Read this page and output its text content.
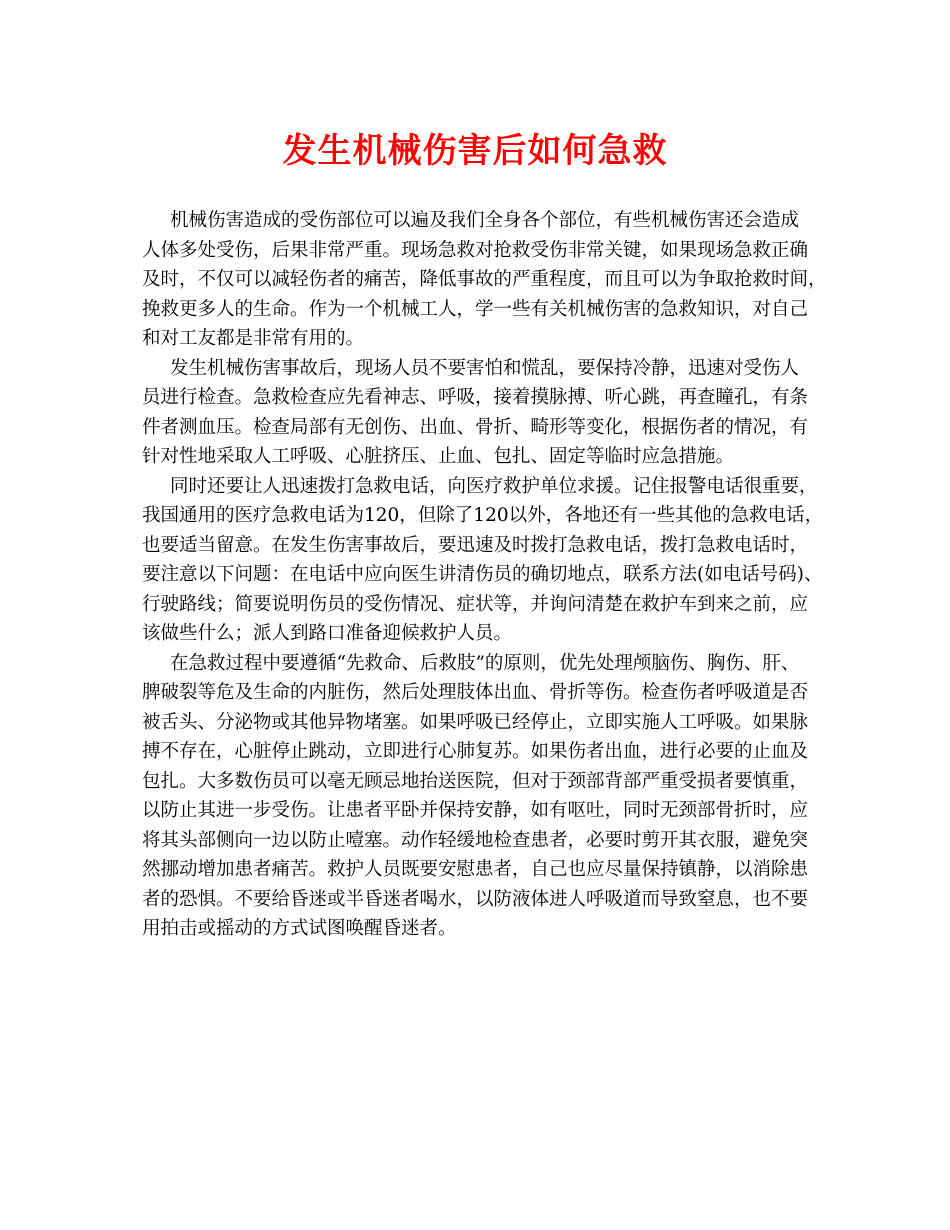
发生机械伤害后如何急救
机械伤害造成的受伤部位可以遍及我们全身各个部位，有些机械伤害还会造成
人体多处受伤，后果非常严重。现场急救对抢救受伤非常关键，如果现场急救正确
及时，不仅可以减轻伤者的痛苦，降低事故的严重程度，而且可以为争取抢救时间，
挽救更多人的生命。作为一个机械工人，学一些有关机械伤害的急救知识，对自己
和对工友都是非常有用的。
发生机械伤害事故后，现场人员不要害怕和慌乱，要保持冷静，迅速对受伤人
员进行检查。急救检查应先看神志、呼吸，接着摸脉搏、听心跳，再查瞳孔，有条
件者测血压。检查局部有无创伤、出血、骨折、畸形等变化，根据伤者的情况，有
针对性地采取人工呼吸、心脏挤压、止血、包扎、固定等临时应急措施。
同时还要让人迅速拨打急救电话，向医疗救护单位求援。记住报警电话很重要，
我国通用的医疗急救电话为120，但除了120以外，各地还有一些其他的急救电话，
也要适当留意。在发生伤害事故后，要迅速及时拨打急救电话，拨打急救电话时，
要注意以下问题：在电话中应向医生讲清伤员的确切地点，联系方法(如电话号码)、
行驶路线；简要说明伤员的受伤情况、症状等，并询问清楚在救护车到来之前，应
该做些什么；派人到路口准备迎候救护人员。
在急救过程中要遵循“先救命、后救肢”的原则，优先处理颅脑伤、胸伤、肝、
脾破裂等危及生命的内脏伤，然后处理肢体出血、骨折等伤。检查伤者呼吸道是否
被舌头、分泌物或其他异物堵塞。如果呼吸已经停止，立即实施人工呼吸。如果脉
搏不存在，心脏停止跳动，立即进行心肺复苏。如果伤者出血，进行必要的止血及
包扎。大多数伤员可以毫无顾忌地抬送医院，但对于颈部背部严重受损者要慎重，
以防止其进一步受伤。让患者平卧并保持安静，如有呕吐，同时无颈部骨折时，应
将其头部侧向一边以防止噎塞。动作轻缓地检查患者，必要时剪开其衣服，避免突
然挪动增加患者痛苦。救护人员既要安慰患者，自己也应尽量保持镇静，以消除患
者的恐惧。不要给昏迷或半昏迷者喝水，以防液体进人呼吸道而导致窒息，也不要
用拍击或摇动的方式试图唤醒昏迷者。
